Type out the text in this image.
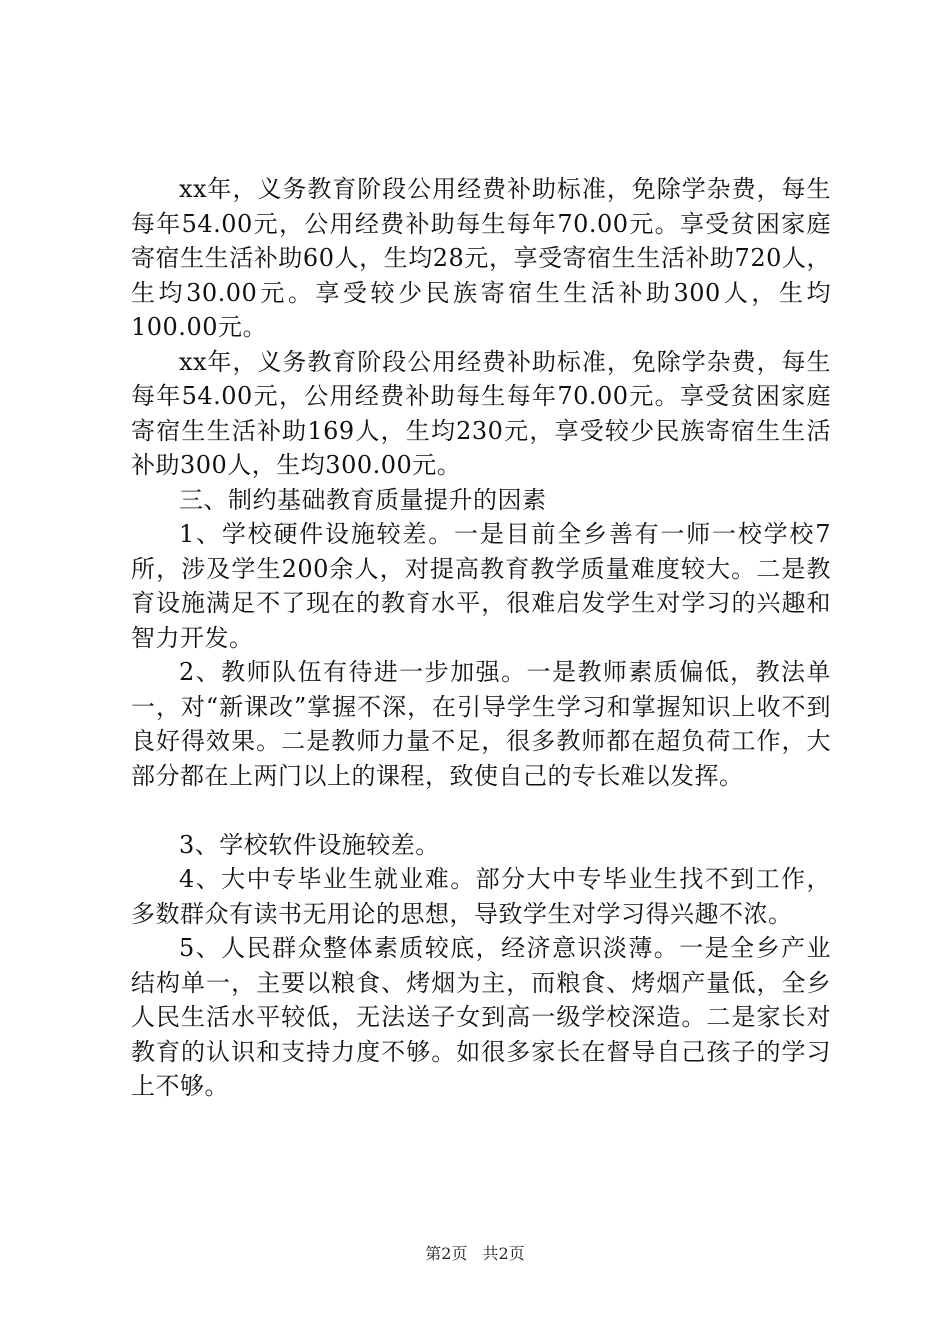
xx年，义务教育阶段公用经费补助标准，免除学杂费，每生每年54.00元，公用经费补助每生每年70.00元。享受贫困家庭寄宿生生活补助60人，生均28元，享受寄宿生生活补助720人，生均30.00元。享受较少民族寄宿生生活补助300人，生均100.00元。

xx年，义务教育阶段公用经费补助标准，免除学杂费，每生每年54.00元，公用经费补助每生每年70.00元。享受贫困家庭寄宿生生活补助169人，生均230元，享受较少民族寄宿生生活补助300人，生均300.00元。

三、制约基础教育质量提升的因素

1、学校硬件设施较差。一是目前全乡善有一师一校学校7所，涉及学生200余人，对提高教育教学质量难度较大。二是教育设施满足不了现在的教育水平，很难启发学生对学习的兴趣和智力开发。

2、教师队伍有待进一步加强。一是教师素质偏低，教法单一，对“新课改”掌握不深，在引导学生学习和掌握知识上收不到良好得效果。二是教师力量不足，很多教师都在超负荷工作，大部分都在上两门以上的课程，致使自己的专长难以发挥。

3、学校软件设施较差。

4、大中专毕业生就业难。部分大中专毕业生找不到工作，多数群众有读书无用论的思想，导致学生对学习得兴趣不浓。

5、人民群众整体素质较底，经济意识淡薄。一是全乡产业结构单一，主要以粮食、烤烟为主，而粮食、烤烟产量低，全乡人民生活水平较低，无法送子女到高一级学校深造。二是家长对教育的认识和支持力度不够。如很多家长在督导自己孩子的学习上不够。

第2页 共2页
